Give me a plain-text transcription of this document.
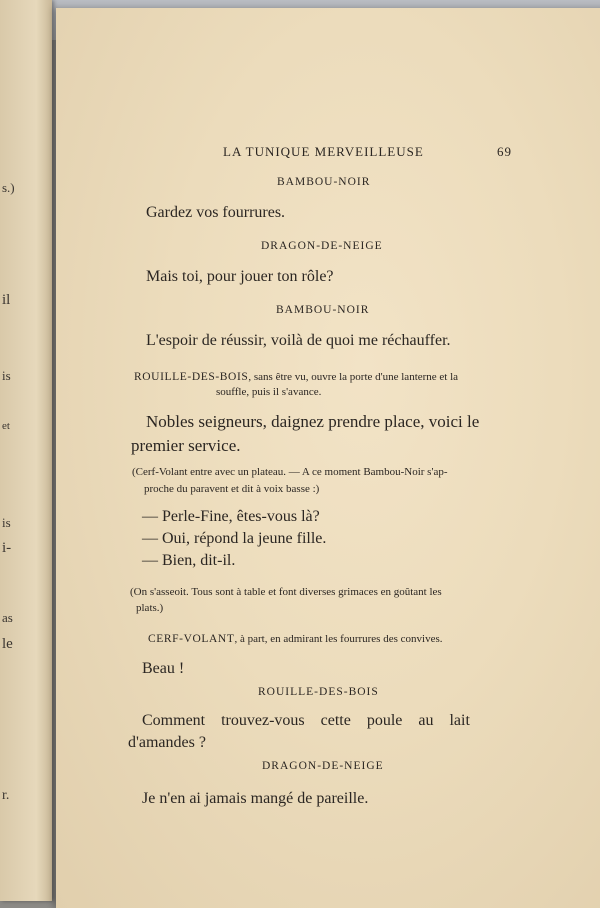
s.)
il
is
et
is
i-
as
le
r.
LA TUNIQUE MERVEILLEUSE	69
BAMBOU-NOIR
Gardez vos fourrures.
DRAGON-DE-NEIGE
Mais toi, pour jouer ton rôle?
BAMBOU-NOIR
L'espoir de réussir, voilà de quoi me réchauffer.
ROUILLE-DES-BOIS, sans être vu, ouvre la porte d'une lanterne et la
souffle, puis il s'avance.
Nobles seigneurs, daignez prendre place, voici le
premier service.
(Cerf-Volant entre avec un plateau. — A ce moment Bambou-Noir s'ap-
proche du paravent et dit à voix basse :)
— Perle-Fine, êtes-vous là?
— Oui, répond la jeune fille.
— Bien, dit-il.
(On s'asseoit. Tous sont à table et font diverses grimaces en goûtant les
plats.)
CERF-VOLANT, à part, en admirant les fourrures des convives.
Beau !
ROUILLE-DES-BOIS
Comment trouvez-vous cette poule au lait
d'amandes ?
DRAGON-DE-NEIGE
Je n'en ai jamais mangé de pareille.
